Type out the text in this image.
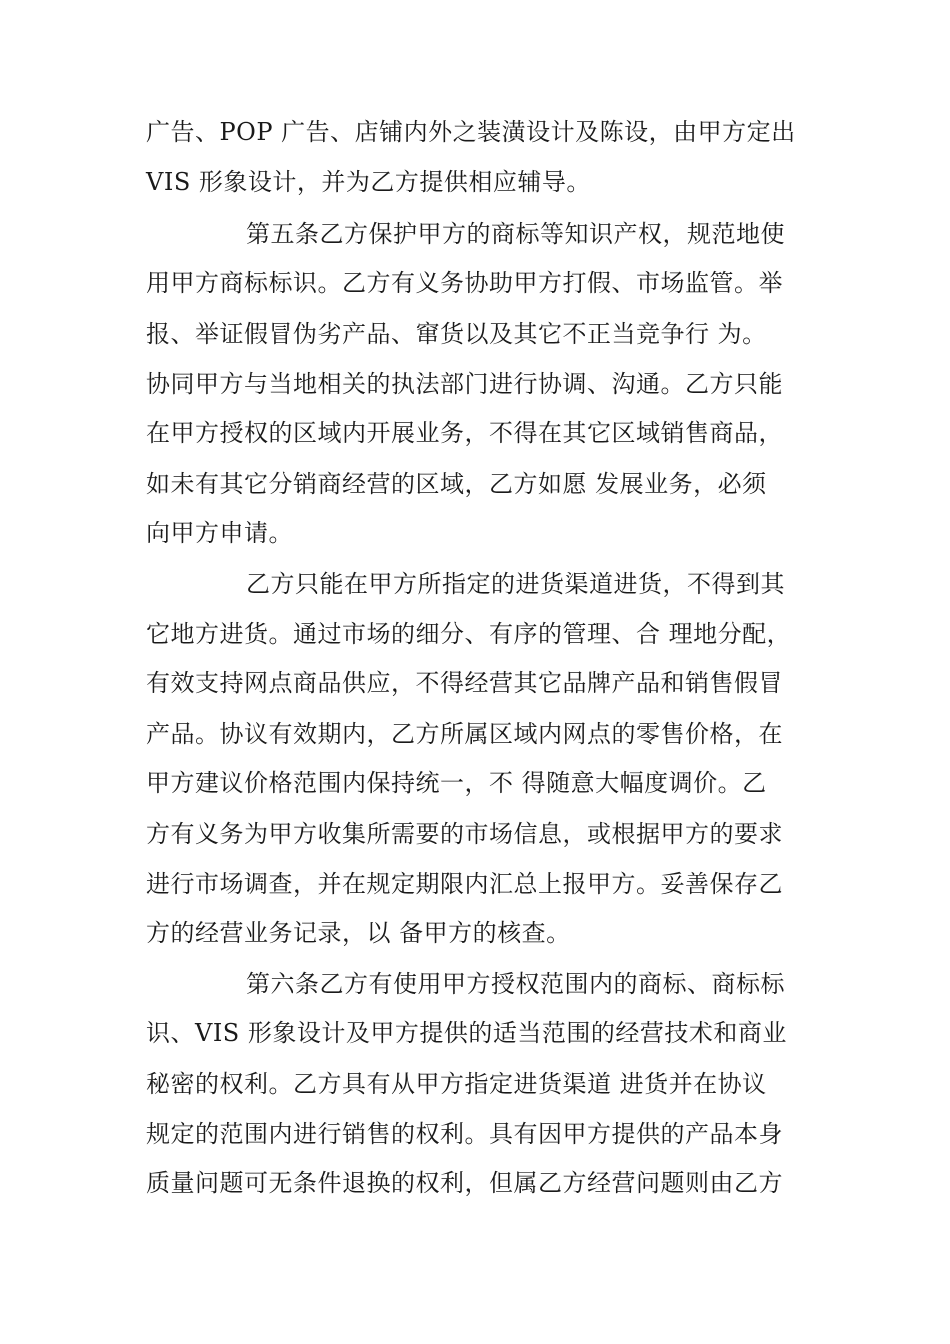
广告、POP 广告、店铺内外之装潢设计及陈设，由甲方定出
VIS 形象设计，并为乙方提供相应辅导。
第五条乙方保护甲方的商标等知识产权，规范地使
用甲方商标标识。乙方有义务协助甲方打假、市场监管。举
报、举证假冒伪劣产品、窜货以及其它不正当竞争行 为。
协同甲方与当地相关的执法部门进行协调、沟通。乙方只能
在甲方授权的区域内开展业务，不得在其它区域销售商品，
如未有其它分销商经营的区域，乙方如愿 发展业务，必须
向甲方申请。
乙方只能在甲方所指定的进货渠道进货，不得到其
它地方进货。通过市场的细分、有序的管理、合 理地分配，
有效支持网点商品供应，不得经营其它品牌产品和销售假冒
产品。协议有效期内，乙方所属区域内网点的零售价格，在
甲方建议价格范围内保持统一，不 得随意大幅度调价。乙
方有义务为甲方收集所需要的市场信息，或根据甲方的要求
进行市场调查，并在规定期限内汇总上报甲方。妥善保存乙
方的经营业务记录，以 备甲方的核查。
第六条乙方有使用甲方授权范围内的商标、商标标
识、VIS 形象设计及甲方提供的适当范围的经营技术和商业
秘密的权利。乙方具有从甲方指定进货渠道 进货并在协议
规定的范围内进行销售的权利。具有因甲方提供的产品本身
质量问题可无条件退换的权利，但属乙方经营问题则由乙方
